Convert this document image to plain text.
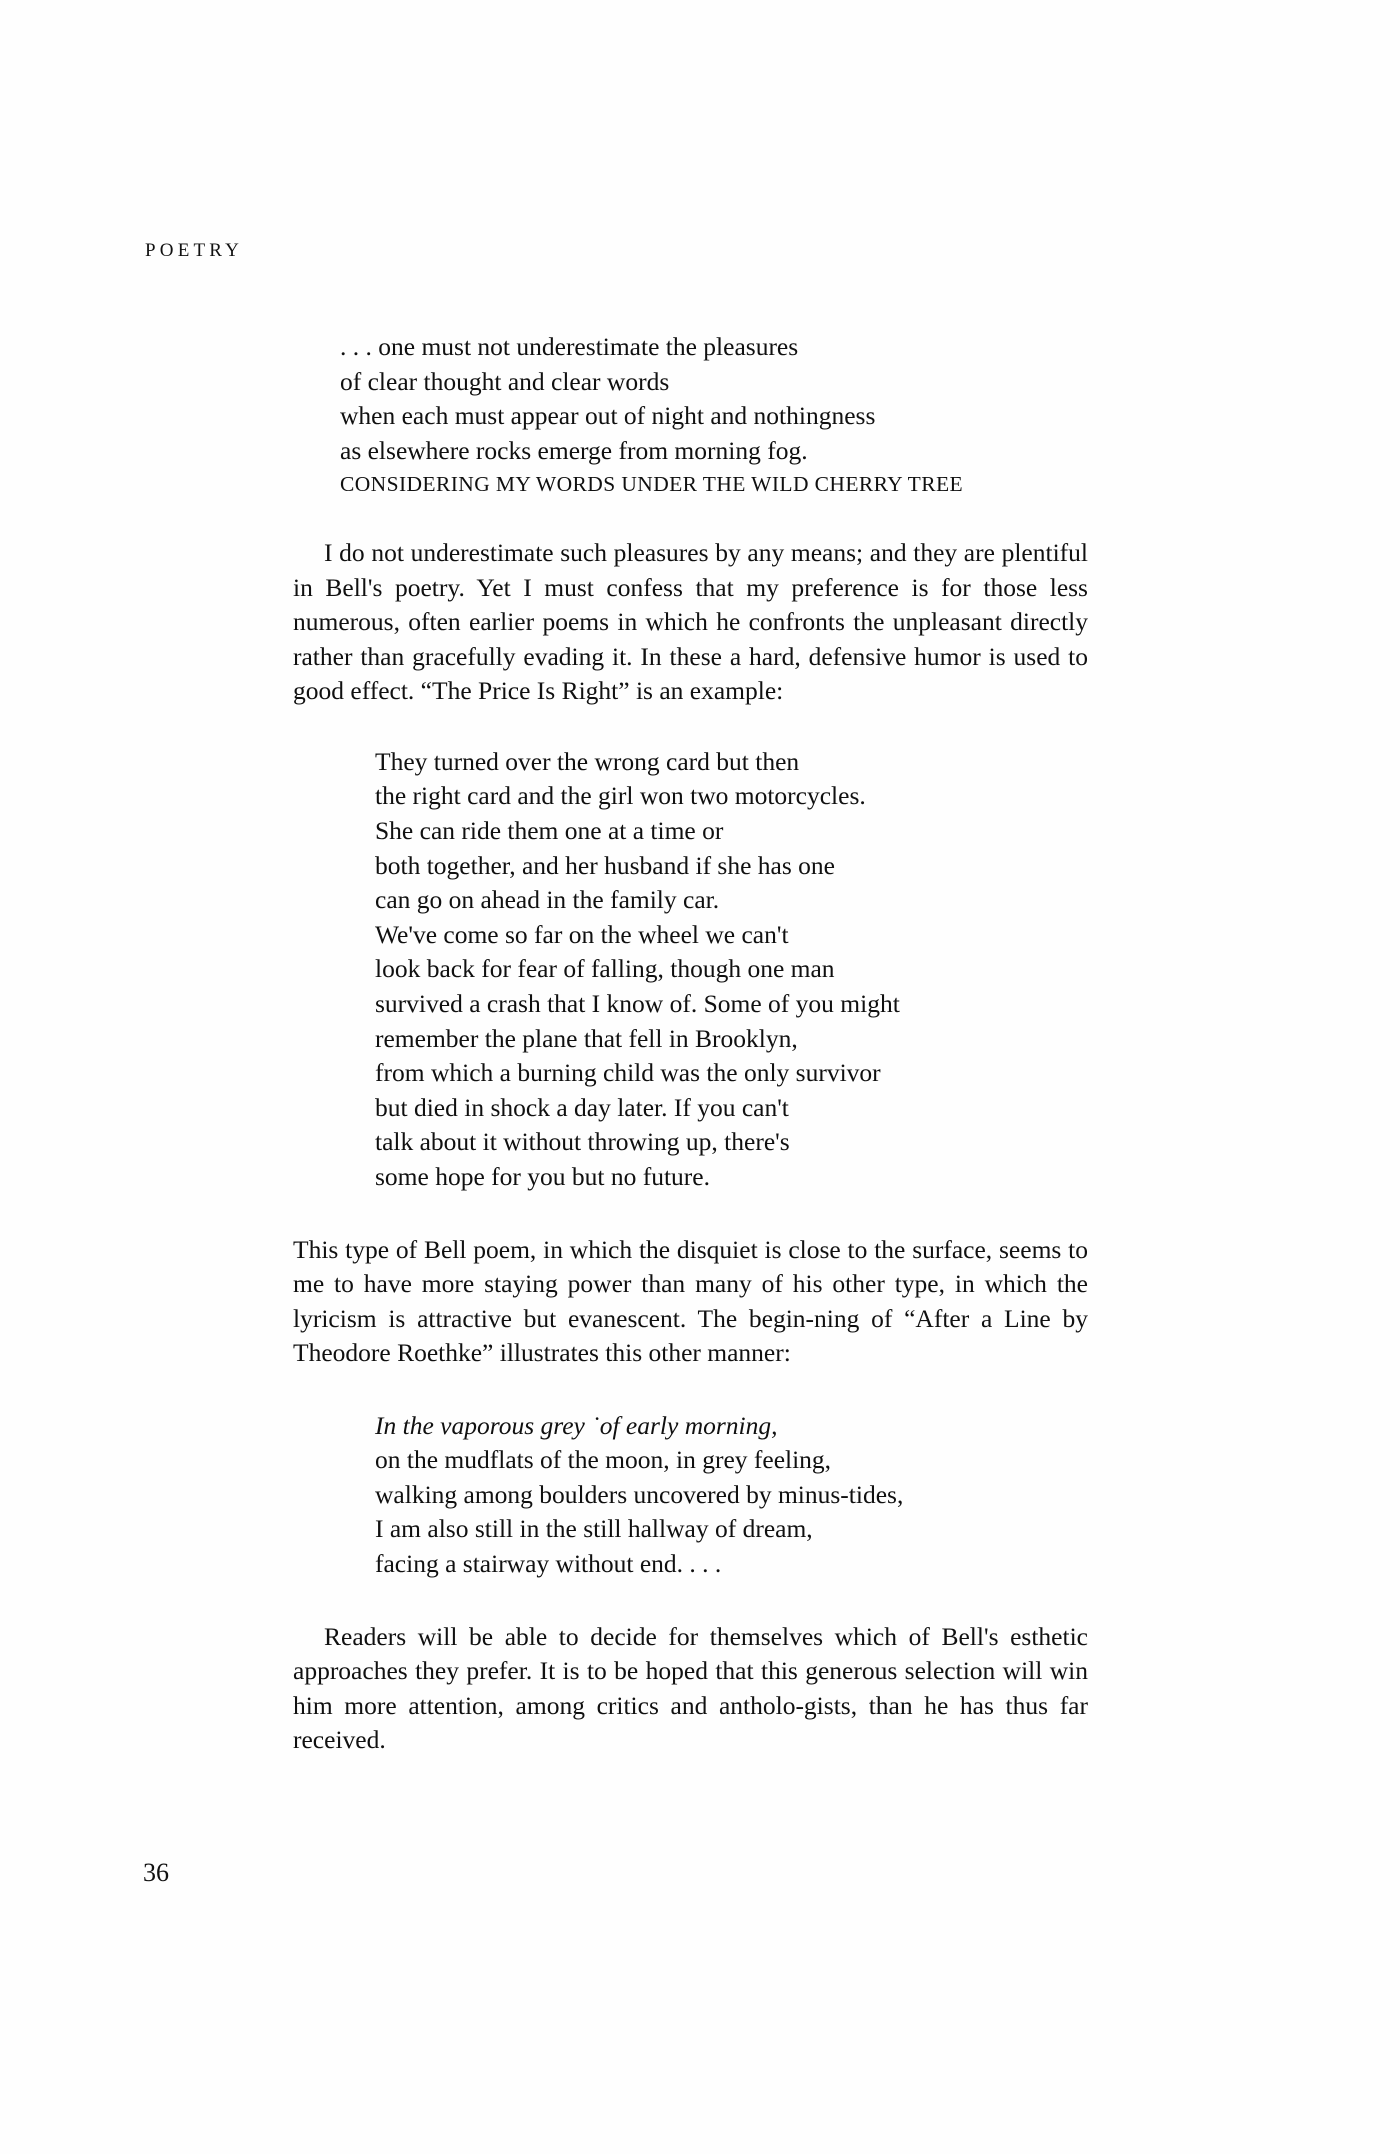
POETRY
. . . one must not underestimate the pleasures
of clear thought and clear words
when each must appear out of night and nothingness
as elsewhere rocks emerge from morning fog.
CONSIDERING MY WORDS UNDER THE WILD CHERRY TREE

I do not underestimate such pleasures by any means; and they are plentiful in Bell's poetry. Yet I must confess that my preference is for those less numerous, often earlier poems in which he confronts the unpleasant directly rather than gracefully evading it. In these a hard, defensive humor is used to good effect. “The Price Is Right” is an example:

They turned over the wrong card but then
the right card and the girl won two motorcycles.
She can ride them one at a time or
both together, and her husband if she has one
can go on ahead in the family car.
We've come so far on the wheel we can't
look back for fear of falling, though one man
survived a crash that I know of. Some of you might
remember the plane that fell in Brooklyn,
from which a burning child was the only survivor
but died in shock a day later. If you can't
talk about it without throwing up, there's
some hope for you but no future.

This type of Bell poem, in which the disquiet is close to the surface, seems to me to have more staying power than many of his other type, in which the lyricism is attractive but evanescent. The begin-ning of “After a Line by Theodore Roethke” illustrates this other manner:

In the vaporous grey ˙of early morning,
on the mudflats of the moon, in grey feeling,
walking among boulders uncovered by minus-tides,
I am also still in the still hallway of dream,
facing a stairway without end. . . .

Readers will be able to decide for themselves which of Bell's esthetic approaches they prefer. It is to be hoped that this generous selection will win him more attention, among critics and antholo-gists, than he has thus far received.

36
